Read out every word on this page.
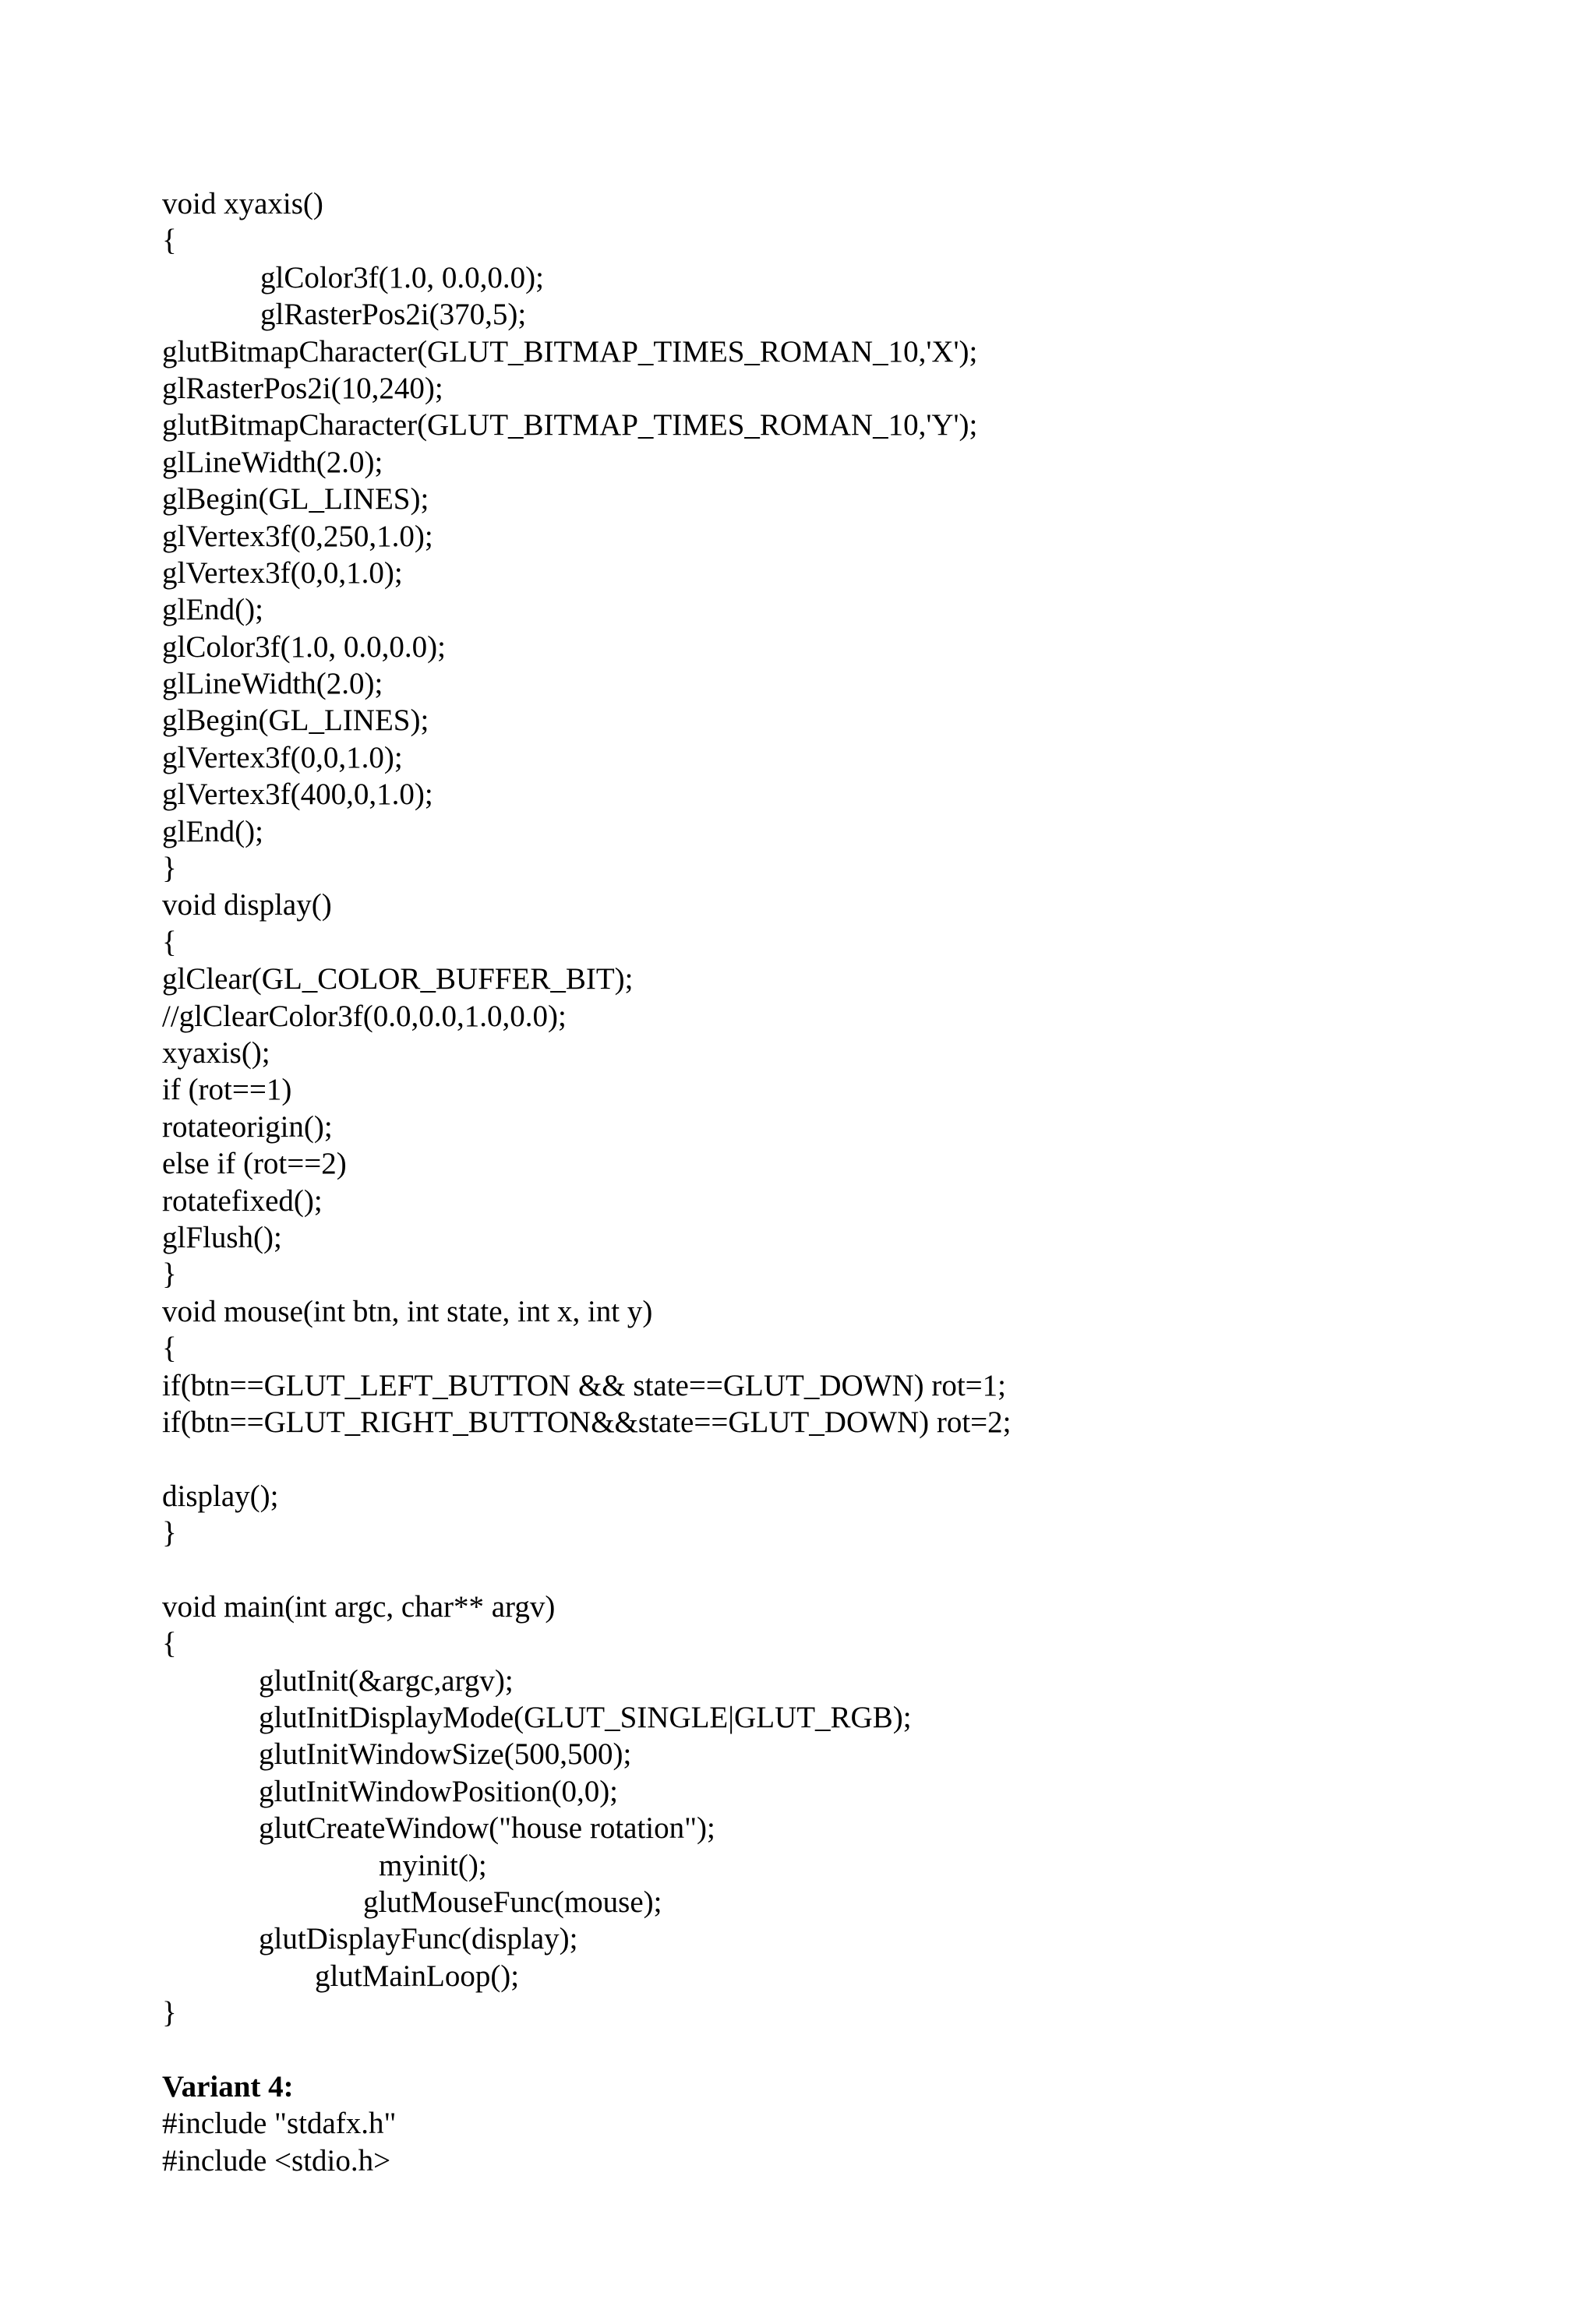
void xyaxis()
{
glColor3f(1.0, 0.0,0.0);
glRasterPos2i(370,5);
glutBitmapCharacter(GLUT_BITMAP_TIMES_ROMAN_10,'X');
glRasterPos2i(10,240);
glutBitmapCharacter(GLUT_BITMAP_TIMES_ROMAN_10,'Y');
glLineWidth(2.0);
glBegin(GL_LINES);
glVertex3f(0,250,1.0);
glVertex3f(0,0,1.0);
glEnd();
glColor3f(1.0, 0.0,0.0);
glLineWidth(2.0);
glBegin(GL_LINES);
glVertex3f(0,0,1.0);
glVertex3f(400,0,1.0);
glEnd();
}
void display()
{
glClear(GL_COLOR_BUFFER_BIT);
//glClearColor3f(0.0,0.0,1.0,0.0);
xyaxis();
if (rot==1)
rotateorigin();
else if (rot==2)
rotatefixed();
glFlush();
}
void mouse(int btn, int state, int x, int y)
{
if(btn==GLUT_LEFT_BUTTON && state==GLUT_DOWN) rot=1;
if(btn==GLUT_RIGHT_BUTTON&&state==GLUT_DOWN) rot=2;
display();
}
void main(int argc, char** argv)
{
glutInit(&argc,argv);
glutInitDisplayMode(GLUT_SINGLE|GLUT_RGB);
glutInitWindowSize(500,500);
glutInitWindowPosition(0,0);
glutCreateWindow("house rotation");
myinit();
glutMouseFunc(mouse);
glutDisplayFunc(display);
glutMainLoop();
}
Variant 4:
#include "stdafx.h"
#include <stdio.h>
